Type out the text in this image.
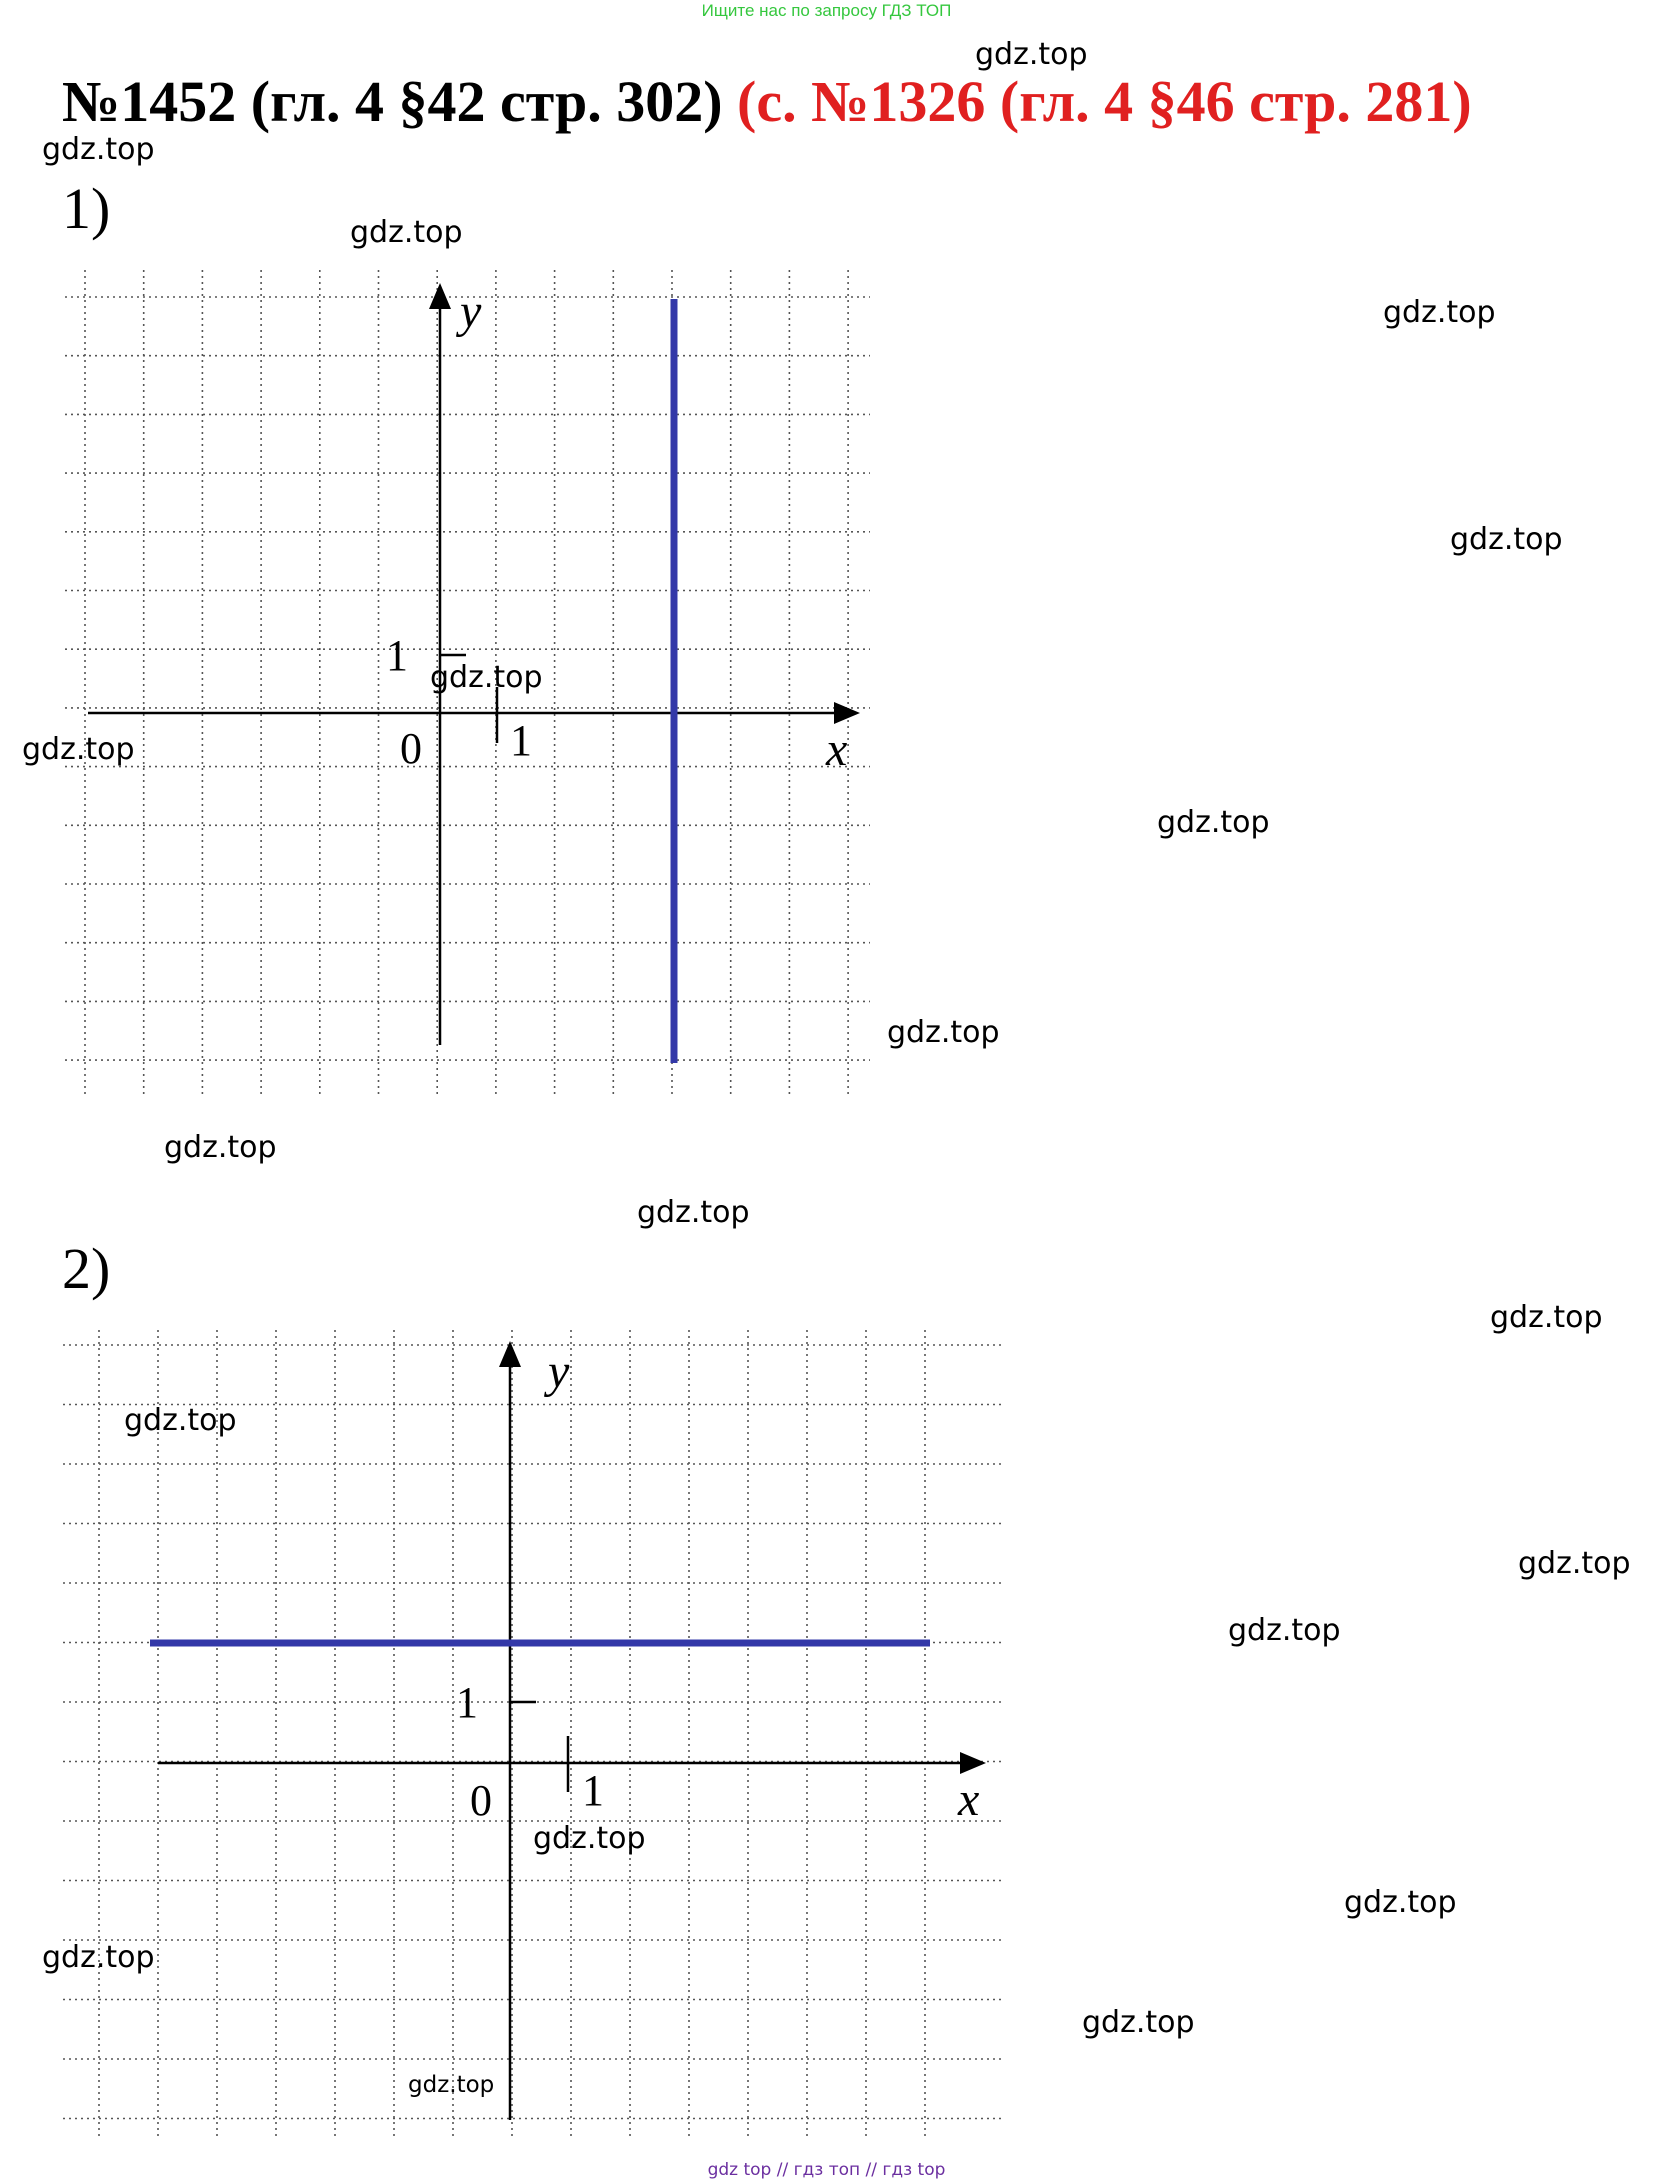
Ищите нас по запросу ГДЗ ТОП
№1452 (гл. 4 §42 стр. 302) (с. №1326 (гл. 4 §46 стр. 281)
1)
y
x
0 1
1
2)
y
x
0 1
1
gdz.top
gdz.top
gdz.top
gdz.top
gdz.top
gdz.top
gdz.top
gdz.top
gdz.top
gdz.top
gdz.top
gdz.top
gdz.top
gdz.top
gdz.top
gdz.top
gdz.top
gdz.top
gdz.top
gdz.top
gdz top // гдз топ // гдз top
